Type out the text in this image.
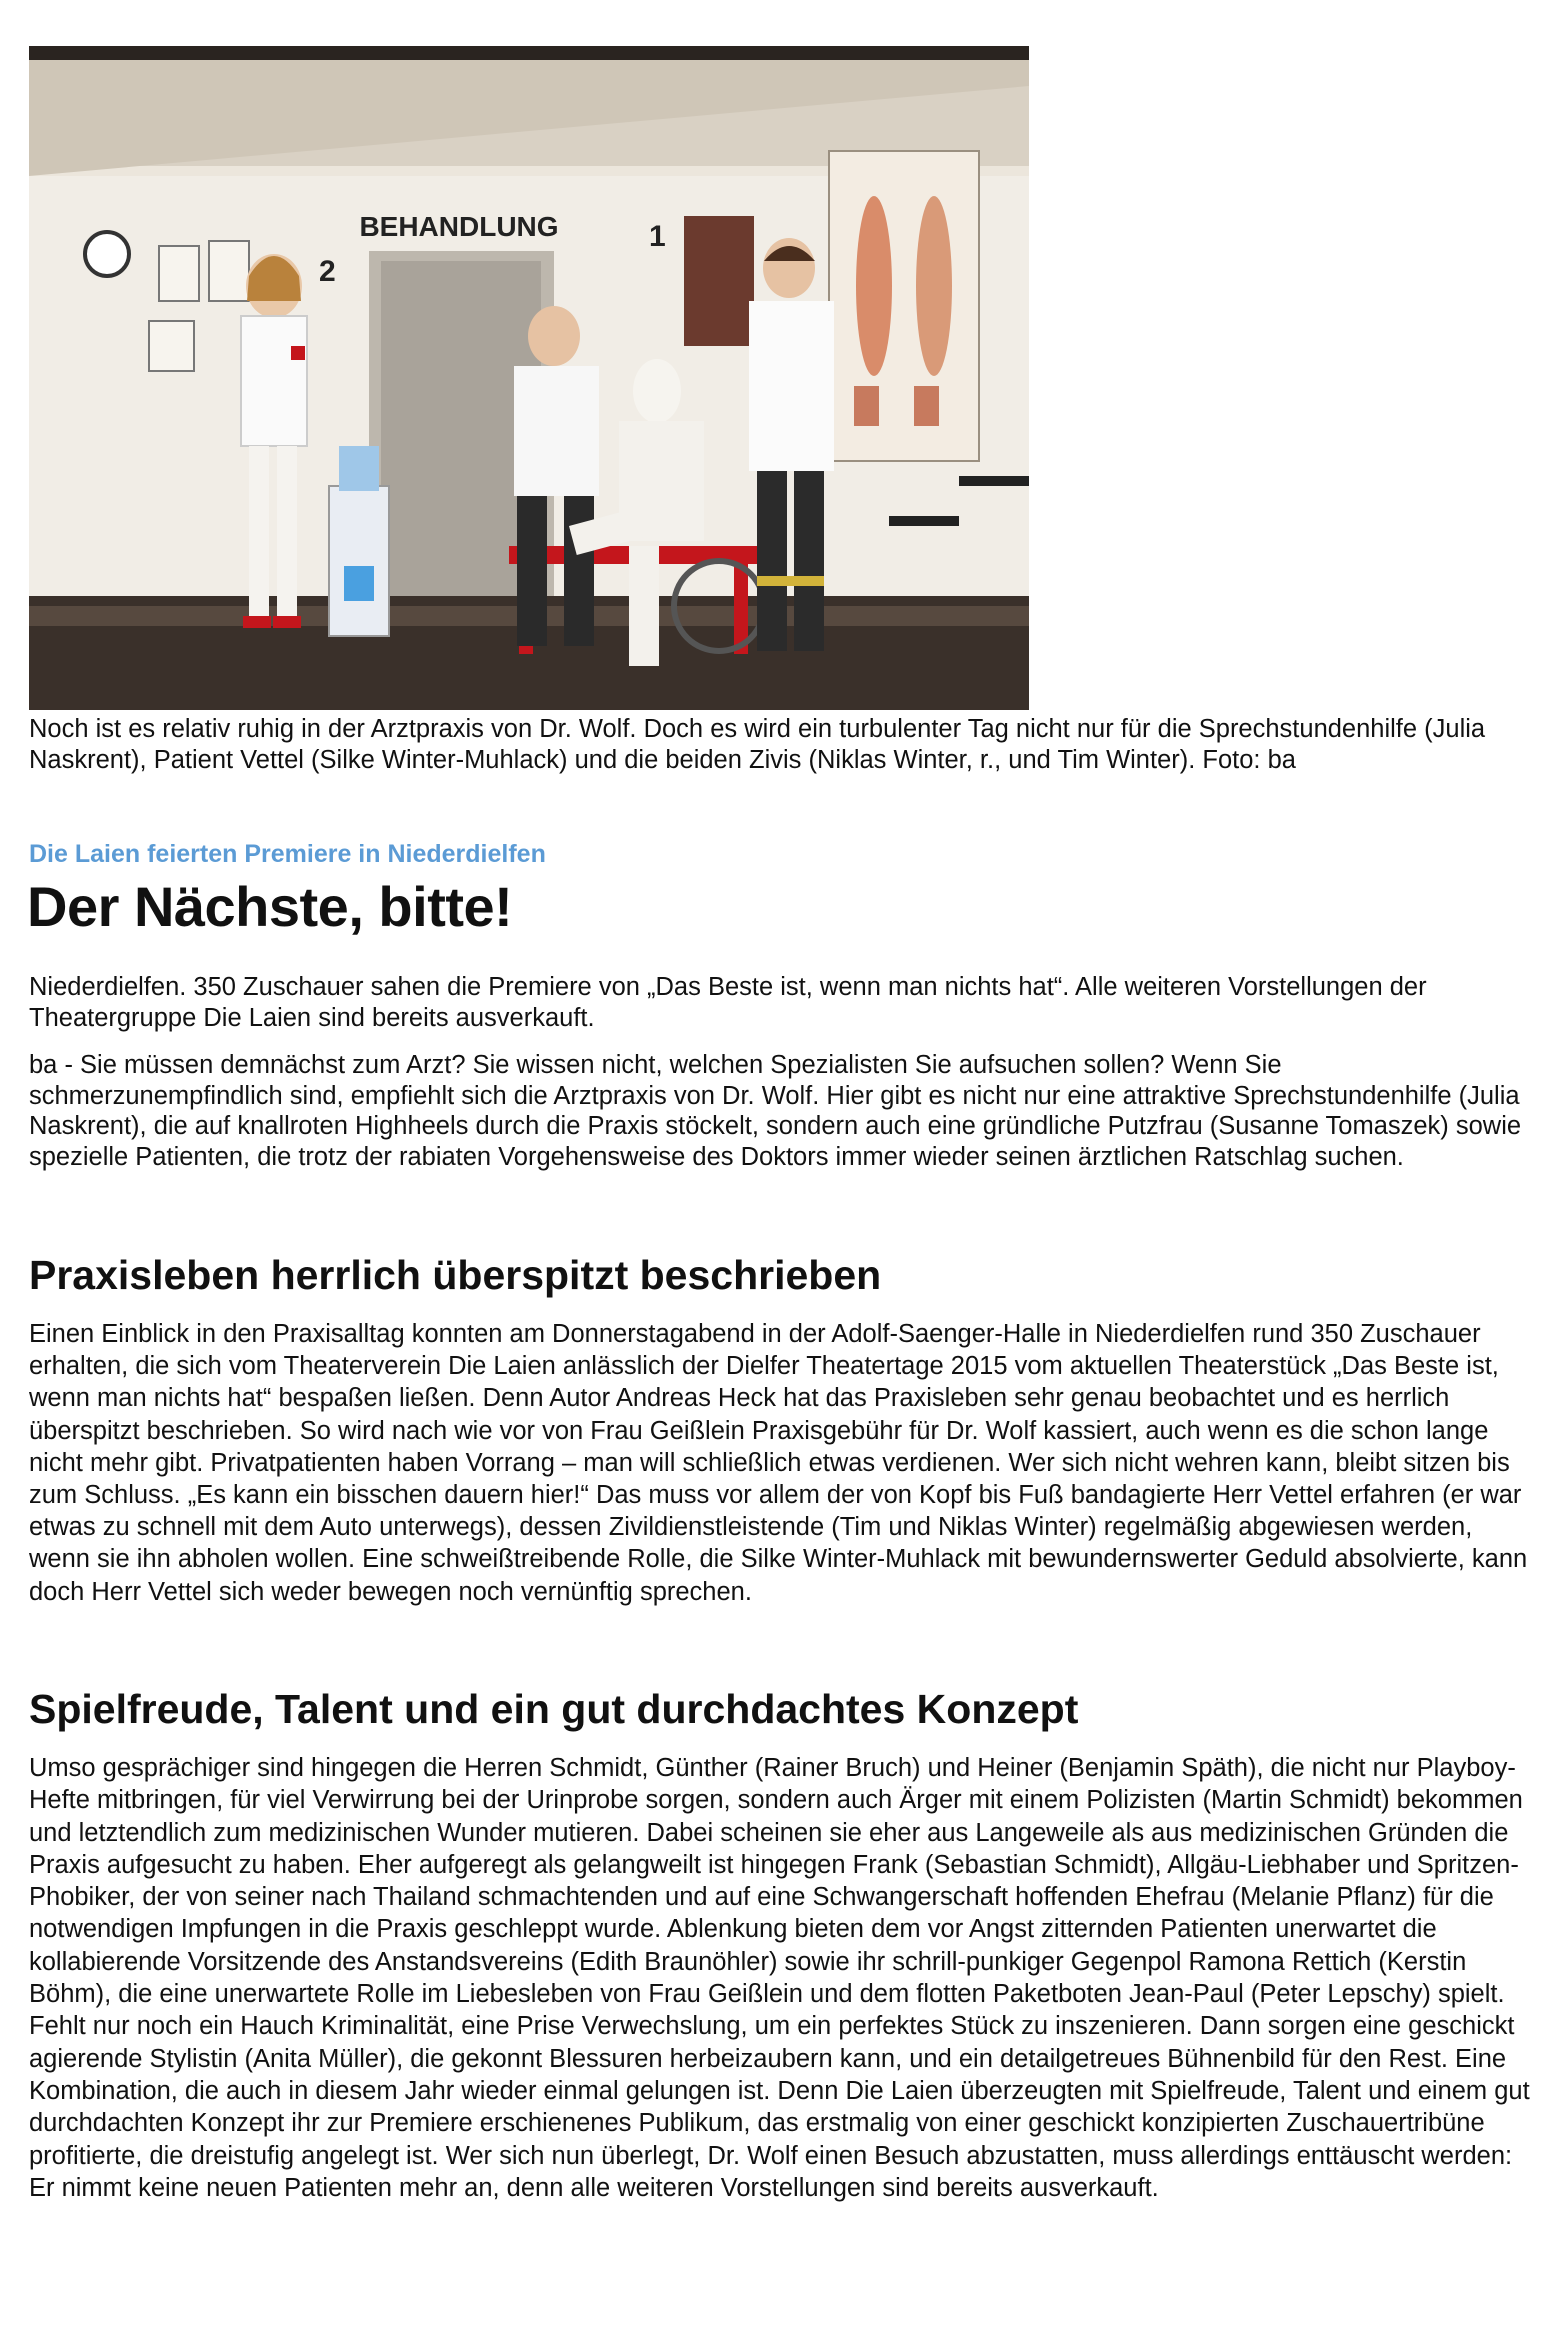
BEHANDLUNG
2
1

Noch ist es relativ ruhig in der Arztpraxis von Dr. Wolf. Doch es wird ein turbulenter Tag nicht nur für die Sprechstundenhilfe (Julia Naskrent), Patient Vettel (Silke Winter-Muhlack) und die beiden Zivis (Niklas Winter, r., und Tim Winter). Foto: ba

Die Laien feierten Premiere in Niederdielfen

Der Nächste, bitte!

Niederdielfen. 350 Zuschauer sahen die Premiere von „Das Beste ist, wenn man nichts hat“. Alle weiteren Vorstellungen der Theatergruppe Die Laien sind bereits ausverkauft.

ba - Sie müssen demnächst zum Arzt? Sie wissen nicht, welchen Spezialisten Sie aufsuchen sollen? Wenn Sie schmerzunempfindlich sind, empfiehlt sich die Arztpraxis von Dr. Wolf. Hier gibt es nicht nur eine attraktive Sprechstundenhilfe (Julia Naskrent), die auf knallroten Highheels durch die Praxis stöckelt, sondern auch eine gründliche Putzfrau (Susanne Tomaszek) sowie spezielle Patienten, die trotz der rabiaten Vorgehensweise des Doktors immer wieder seinen ärztlichen Ratschlag suchen.

Praxisleben herrlich überspitzt beschrieben

Einen Einblick in den Praxisalltag konnten am Donnerstagabend in der Adolf-Saenger-Halle in Niederdielfen rund 350 Zuschauer erhalten, die sich vom Theaterverein Die Laien anlässlich der Dielfer Theatertage 2015 vom aktuellen Theaterstück „Das Beste ist, wenn man nichts hat“ bespaßen ließen. Denn Autor Andreas Heck hat das Praxisleben sehr genau beobachtet und es herrlich überspitzt beschrieben. So wird nach wie vor von Frau Geißlein Praxisgebühr für Dr. Wolf kassiert, auch wenn es die schon lange nicht mehr gibt. Privatpatienten haben Vorrang – man will schließlich etwas verdienen. Wer sich nicht wehren kann, bleibt sitzen bis zum Schluss. „Es kann ein bisschen dauern hier!“ Das muss vor allem der von Kopf bis Fuß bandagierte Herr Vettel erfahren (er war etwas zu schnell mit dem Auto unterwegs), dessen Zivildienstleistende (Tim und Niklas Winter) regelmäßig abgewiesen werden, wenn sie ihn abholen wollen. Eine schweißtreibende Rolle, die Silke Winter-Muhlack mit bewundernswerter Geduld absolvierte, kann doch Herr Vettel sich weder bewegen noch vernünftig sprechen.

Spielfreude, Talent und ein gut durchdachtes Konzept

Umso gesprächiger sind hingegen die Herren Schmidt, Günther (Rainer Bruch) und Heiner (Benjamin Späth), die nicht nur Playboy-Hefte mitbringen, für viel Verwirrung bei der Urinprobe sorgen, sondern auch Ärger mit einem Polizisten (Martin Schmidt) bekommen und letztendlich zum medizinischen Wunder mutieren. Dabei scheinen sie eher aus Langeweile als aus medizinischen Gründen die Praxis aufgesucht zu haben. Eher aufgeregt als gelangweilt ist hingegen Frank (Sebastian Schmidt), Allgäu-Liebhaber und Spritzen-Phobiker, der von seiner nach Thailand schmachtenden und auf eine Schwangerschaft hoffenden Ehefrau (Melanie Pflanz) für die notwendigen Impfungen in die Praxis geschleppt wurde. Ablenkung bieten dem vor Angst zitternden Patienten unerwartet die kollabierende Vorsitzende des Anstandsvereins (Edith Braunöhler) sowie ihr schrill-punkiger Gegenpol Ramona Rettich (Kerstin Böhm), die eine unerwartete Rolle im Liebesleben von Frau Geißlein und dem flotten Paketboten Jean-Paul (Peter Lepschy) spielt. Fehlt nur noch ein Hauch Kriminalität, eine Prise Verwechslung, um ein perfektes Stück zu inszenieren. Dann sorgen eine geschickt agierende Stylistin (Anita Müller), die gekonnt Blessuren herbeizaubern kann, und ein detailgetreues Bühnenbild für den Rest. Eine Kombination, die auch in diesem Jahr wieder einmal gelungen ist. Denn Die Laien überzeugten mit Spielfreude, Talent und einem gut durchdachten Konzept ihr zur Premiere erschienenes Publikum, das erstmalig von einer geschickt konzipierten Zuschauertribüne profitierte, die dreistufig angelegt ist. Wer sich nun überlegt, Dr. Wolf einen Besuch abzustatten, muss allerdings enttäuscht werden: Er nimmt keine neuen Patienten mehr an, denn alle weiteren Vorstellungen sind bereits ausverkauft.
